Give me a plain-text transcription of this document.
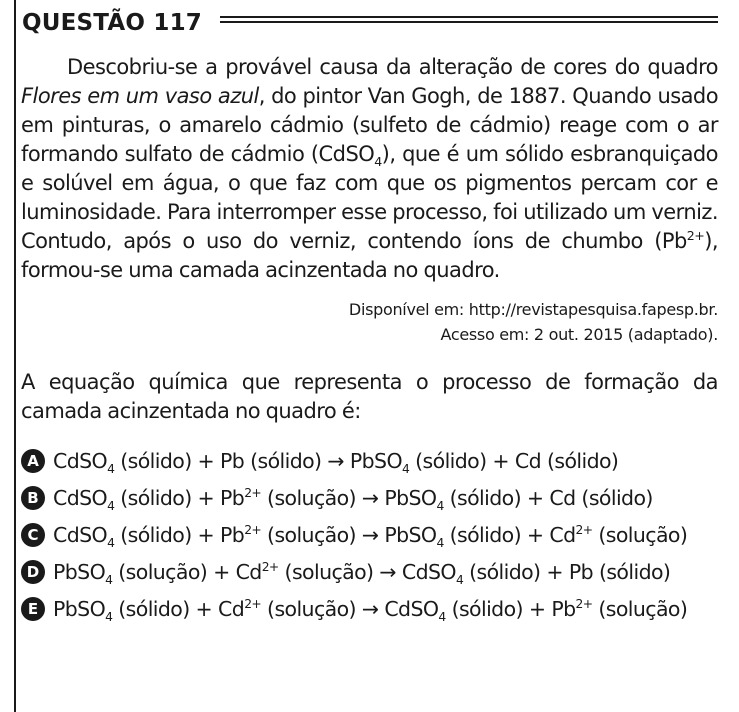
QUESTÃO 117

Descobriu-se a provável causa da alteração de cores do quadro Flores em um vaso azul, do pintor Van Gogh, de 1887. Quando usado em pinturas, o amarelo cádmio (sulfeto de cádmio) reage com o ar formando sulfato de cádmio (CdSO$_4$), que é um sólido esbranquiçado e solúvel em água, o que faz com que os pigmentos percam cor e luminosidade. Para interromper esse processo, foi utilizado um verniz. Contudo, após o uso do verniz, contendo íons de chumbo $(Pb^{2+})$, formou-se uma camada acinzentada no quadro.

Disponível em: http://revistapesquisa.fapesp.br.
Acesso em: 2 out. 2015 (adaptado).

A equação química que representa o processo de formação da camada acinzentada no quadro é:

A CdSO$_4$ (sólido) + Pb (sólido) → PbSO$_4$ (sólido) + Cd (sólido)
B CdSO$_4$ (sólido) + $Pb^{2+}$ (solução) → PbSO$_4$ (sólido) + Cd (sólido)
C CdSO$_4$ (sólido) + $Pb^{2+}$ (solução) → PbSO$_4$ (sólido) + $Cd^{2+}$ (solução)
D PbSO$_4$ (solução) + $Cd^{2+}$ (solução) → CdSO$_4$ (sólido) + Pb (sólido)
E PbSO$_4$ (sólido) + $Cd^{2+}$ (solução) → CdSO$_4$ (sólido) + $Pb^{2+}$ (solução)
